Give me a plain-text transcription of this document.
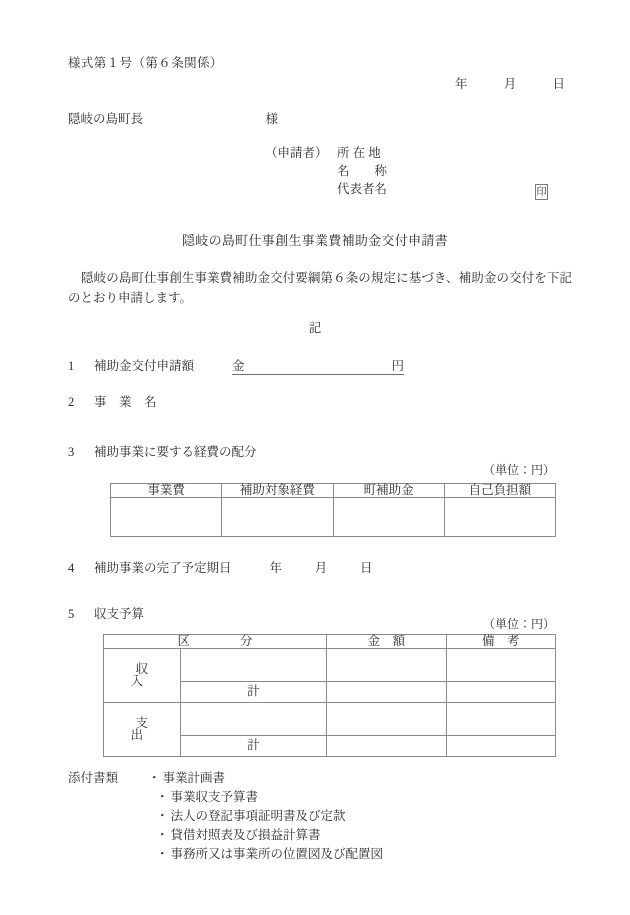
様式第１号（第６条関係）
年	月	日
隠岐の島町長	様
（申請者） 所 在 地
名　　称
代表者名	印
隠岐の島町仕事創生事業費補助金交付申請書
隠岐の島町仕事創生事業費補助金交付要綱第６条の規定に基づき、補助金の交付を下記のとおり申請します。
記
1	補助金交付申請額	金	円
2	事　業　名
3	補助事業に要する経費の配分
（単位：円）
事業費	補助対象経費	町補助金	自己負担額

4	補助事業の完了予定期日	年	月	日
5	収支予算
（単位：円）
区　　　　分		金　額	備　考
収　入			
	計		
支　出			
	計		
添付書類	・ 事業計画書
・ 事業収支予算書
・ 法人の登記事項証明書及び定款
・ 貸借対照表及び損益計算書
・ 事務所又は事業所の位置図及び配置図
